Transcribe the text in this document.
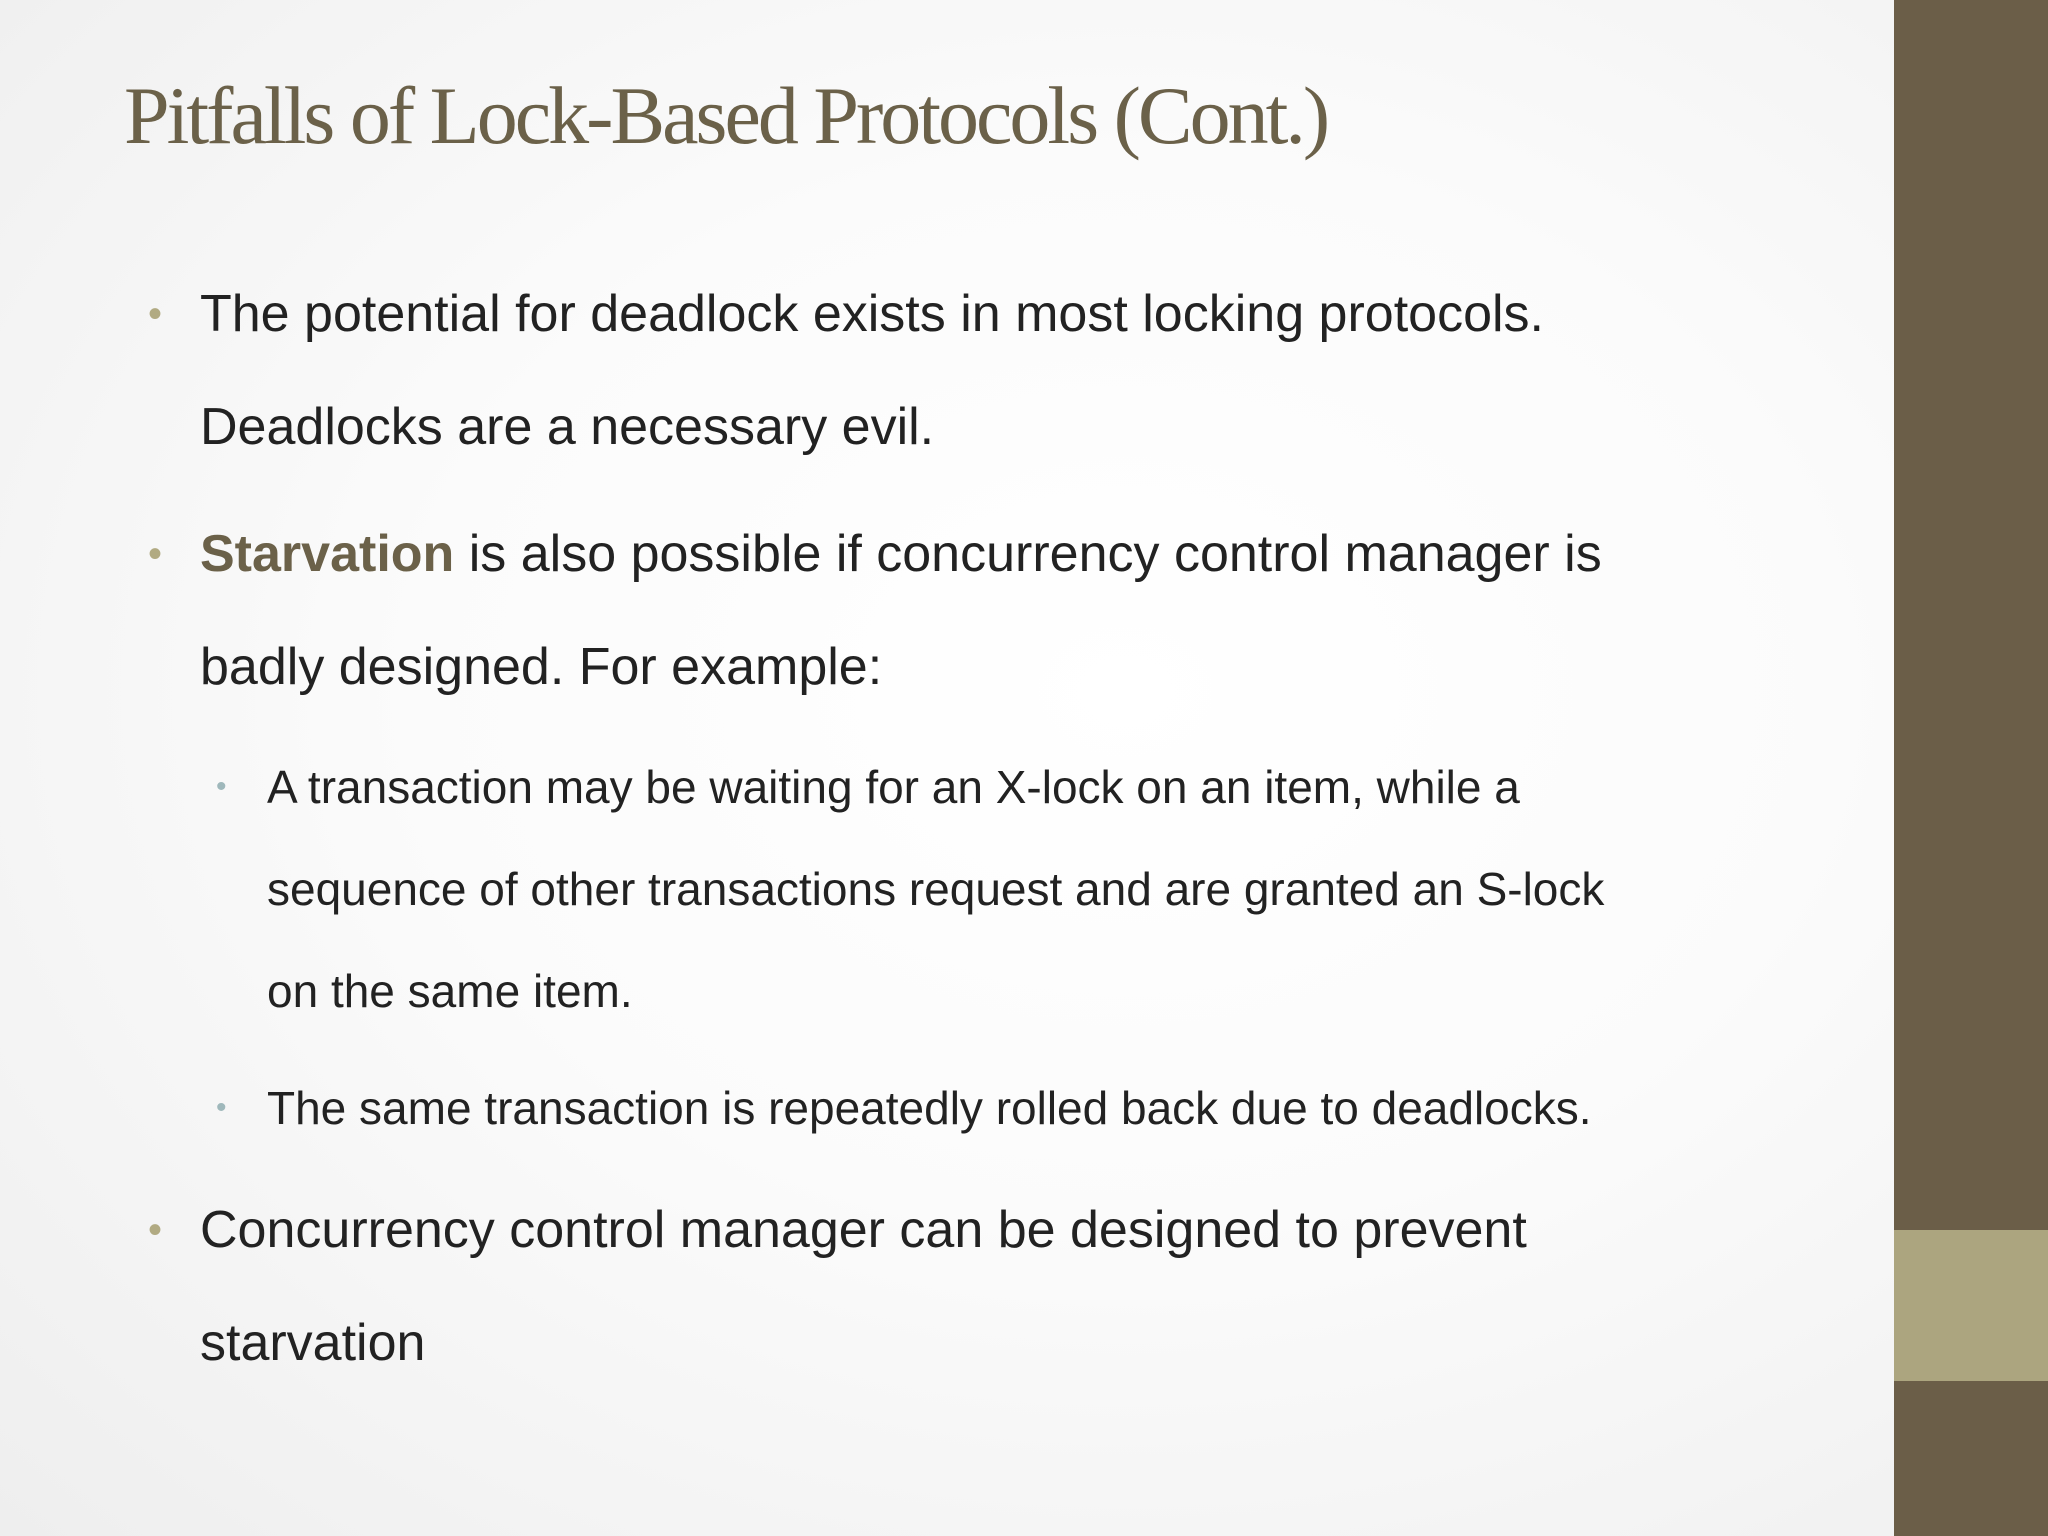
Pitfalls of Lock-Based Protocols (Cont.)
• The potential for deadlock exists in most locking protocols.
Deadlocks are a necessary evil.
• Starvation is also possible if concurrency control manager is
badly designed. For example:
• A transaction may be waiting for an X-lock on an item, while a
sequence of other transactions request and are granted an S-lock
on the same item.
• The same transaction is repeatedly rolled back due to deadlocks.
• Concurrency control manager can be designed to prevent
starvation
